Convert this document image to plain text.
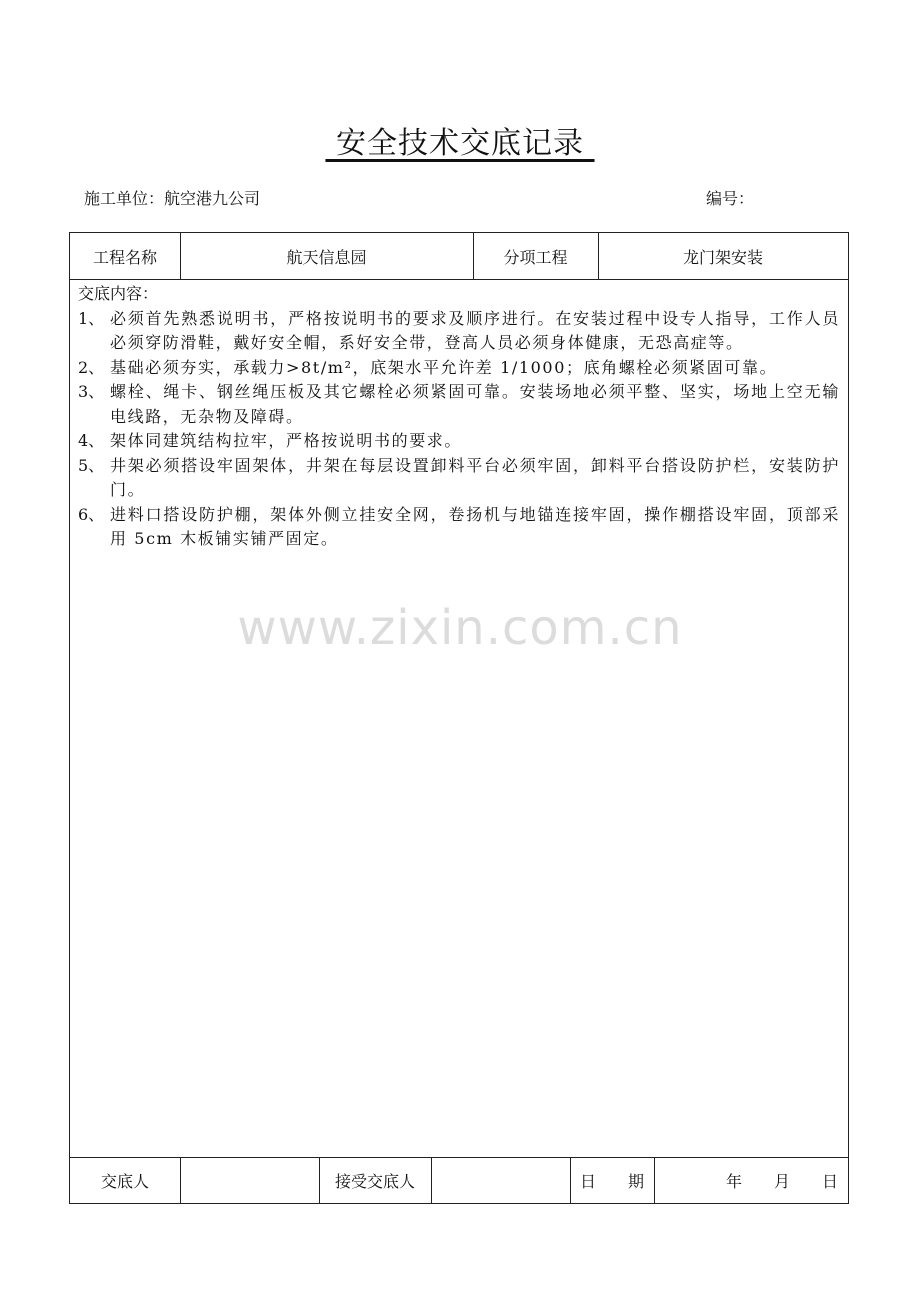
安全技术交底记录
施工单位：航空港九公司	编号：
工程名称	航天信息园	分项工程	龙门架安装
交底内容：
1、 必须首先熟悉说明书，严格按说明书的要求及顺序进行。在安装过程中设专人指导，工作人员必须穿防滑鞋，戴好安全帽，系好安全带，登高人员必须身体健康，无恐高症等。
2、 基础必须夯实，承载力>8t/m²，底架水平允许差 1/1000；底角螺栓必须紧固可靠。
3、 螺栓、绳卡、钢丝绳压板及其它螺栓必须紧固可靠。安装场地必须平整、坚实，场地上空无输电线路，无杂物及障碍。
4、 架体同建筑结构拉牢，严格按说明书的要求。
5、 井架必须搭设牢固架体，井架在每层设置卸料平台必须牢固，卸料平台搭设防护栏，安装防护门。
6、 进料口搭设防护棚，架体外侧立挂安全网，卷扬机与地锚连接牢固，操作棚搭设牢固，顶部采用 5cm 木板铺实铺严固定。
交底人	接受交底人	日　　期	年　　月　　日
www.zixin.com.cn
